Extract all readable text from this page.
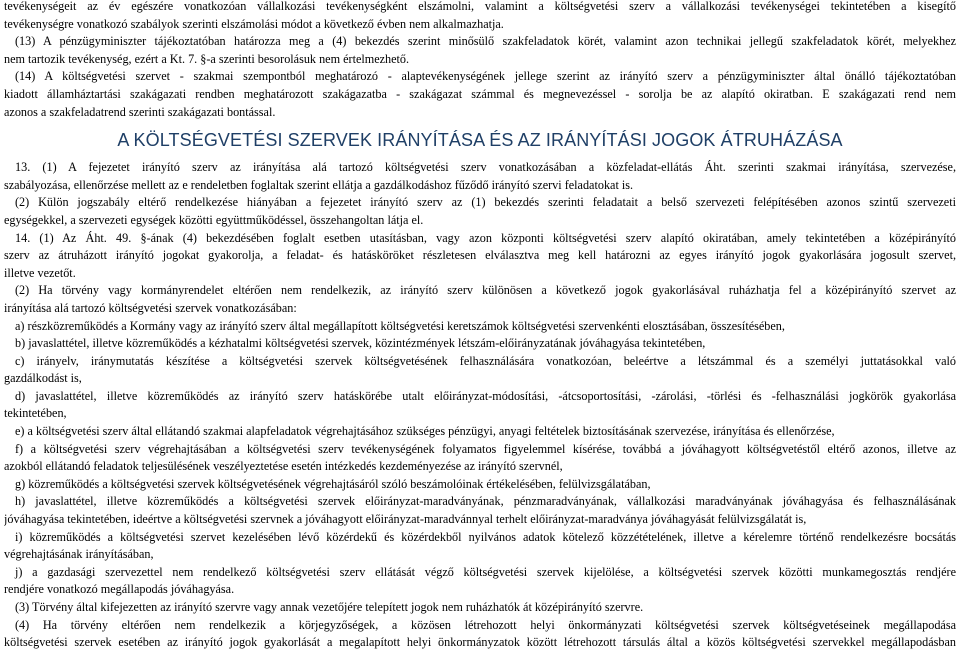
tevékenységeit az év egészére vonatkozóan vállalkozási tevékenységként elszámolni, valamint a költségvetési szerv a vállalkozási tevékenységei tekintetében a kisegítő
tevékenységre vonatkozó szabályok szerinti elszámolási módot a következő évben nem alkalmazhatja.
(13) A pénzügyminiszter tájékoztatóban határozza meg a (4) bekezdés szerint minősülő szakfeladatok körét, valamint azon technikai jellegű szakfeladatok körét, melyekhez
nem tartozik tevékenység, ezért a Kt. 7. §-a szerinti besorolásuk nem értelmezhető.
(14) A költségvetési szervet - szakmai szempontból meghatározó - alaptevékenységének jellege szerint az irányító szerv a pénzügyminiszter által önálló tájékoztatóban
kiadott államháztartási szakágazati rendben meghatározott szakágazatba - szakágazat számmal és megnevezéssel - sorolja be az alapító okiratban. E szakágazati rend nem
azonos a szakfeladatrend szerinti szakágazati bontással.
A KÖLTSÉGVETÉSI SZERVEK IRÁNYÍTÁSA ÉS AZ IRÁNYÍTÁSI JOGOK ÁTRUHÁZÁSA
13. (1) A fejezetet irányító szerv az irányítása alá tartozó költségvetési szerv vonatkozásában a közfeladat-ellátás Áht. szerinti szakmai irányítása, szervezése,
szabályozása, ellenőrzése mellett az e rendeletben foglaltak szerint ellátja a gazdálkodáshoz fűződő irányító szervi feladatokat is.
(2) Külön jogszabály eltérő rendelkezése hiányában a fejezetet irányító szerv az (1) bekezdés szerinti feladatait a belső szervezeti felépítésében azonos szintű szervezeti
egységekkel, a szervezeti egységek közötti együttműködéssel, összehangoltan látja el.
14. (1) Az Áht. 49. §-ának (4) bekezdésében foglalt esetben utasításban, vagy azon központi költségvetési szerv alapító okiratában, amely tekintetében a középirányító
szerv az átruházott irányító jogokat gyakorolja, a feladat- és hatásköröket részletesen elválasztva meg kell határozni az egyes irányító jogok gyakorlására jogosult szervet,
illetve vezetőt.
(2) Ha törvény vagy kormányrendelet eltérően nem rendelkezik, az irányító szerv különösen a következő jogok gyakorlásával ruházhatja fel a középirányító szervet az
irányítása alá tartozó költségvetési szervek vonatkozásában:
a) részközreműködés a Kormány vagy az irányító szerv által megállapított költségvetési keretszámok költségvetési szervenkénti elosztásában, összesítésében,
b) javaslattétel, illetve közreműködés a kézhatalmi költségvetési szervek, közintézmények létszám-előirányzatának jóváhagyása tekintetében,
c) irányelv, iránymutatás készítése a költségvetési szervek költségvetésének felhasználására vonatkozóan, beleértve a létszámmal és a személyi juttatásokkal való
gazdálkodást is,
d) javaslattétel, illetve közreműködés az irányító szerv hatáskörébe utalt előirányzat-módosítási, -átcsoportosítási, -zárolási, -törlési és -felhasználási jogkörök gyakorlása
tekintetében,
e) a költségvetési szerv által ellátandó szakmai alapfeladatok végrehajtásához szükséges pénzügyi, anyagi feltételek biztosításának szervezése, irányítása és ellenőrzése,
f) a költségvetési szerv végrehajtásában a költségvetési szerv tevékenységének folyamatos figyelemmel kísérése, továbbá a jóváhagyott költségvetéstől eltérő azonos, illetve az
azokból ellátandó feladatok teljesülésének veszélyeztetése esetén intézkedés kezdeményezése az irányító szervnél,
g) közreműködés a költségvetési szervek költségvetésének végrehajtásáról szóló beszámolóinak értékelésében, felülvizsgálatában,
h) javaslattétel, illetve közreműködés a költségvetési szervek előirányzat-maradványának, pénzmaradványának, vállalkozási maradványának jóváhagyása és felhasználásának
jóváhagyása tekintetében, ideértve a költségvetési szervnek a jóváhagyott előirányzat-maradvánnyal terhelt előirányzat-maradványa jóváhagyását felülvizsgálatát is,
i) közreműködés a költségvetési szervet kezelésében lévő közérdekű és közérdekből nyilvános adatok kötelező közzétételének, illetve a kérelemre történő rendelkezésre bocsátás
végrehajtásának irányításában,
j) a gazdasági szervezettel nem rendelkező költségvetési szerv ellátását végző költségvetési szervek kijelölése, a költségvetési szervek közötti munkamegosztás rendjére
rendjére vonatkozó megállapodás jóváhagyása.
(3) Törvény által kifejezetten az irányító szervre vagy annak vezetőjére telepített jogok nem ruházhatók át középirányító szervre.
(4) Ha törvény eltérően nem rendelkezik a körjegyzőségek, a közösen létrehozott helyi önkormányzati költségvetési szervek költségvetéseinek megállapodása
költségvetési szervek esetében az irányító jogok gyakorlását a megalapított helyi önkormányzatok között létrehozott társulás által a közös költségvetési szervekkel megállapodásban
